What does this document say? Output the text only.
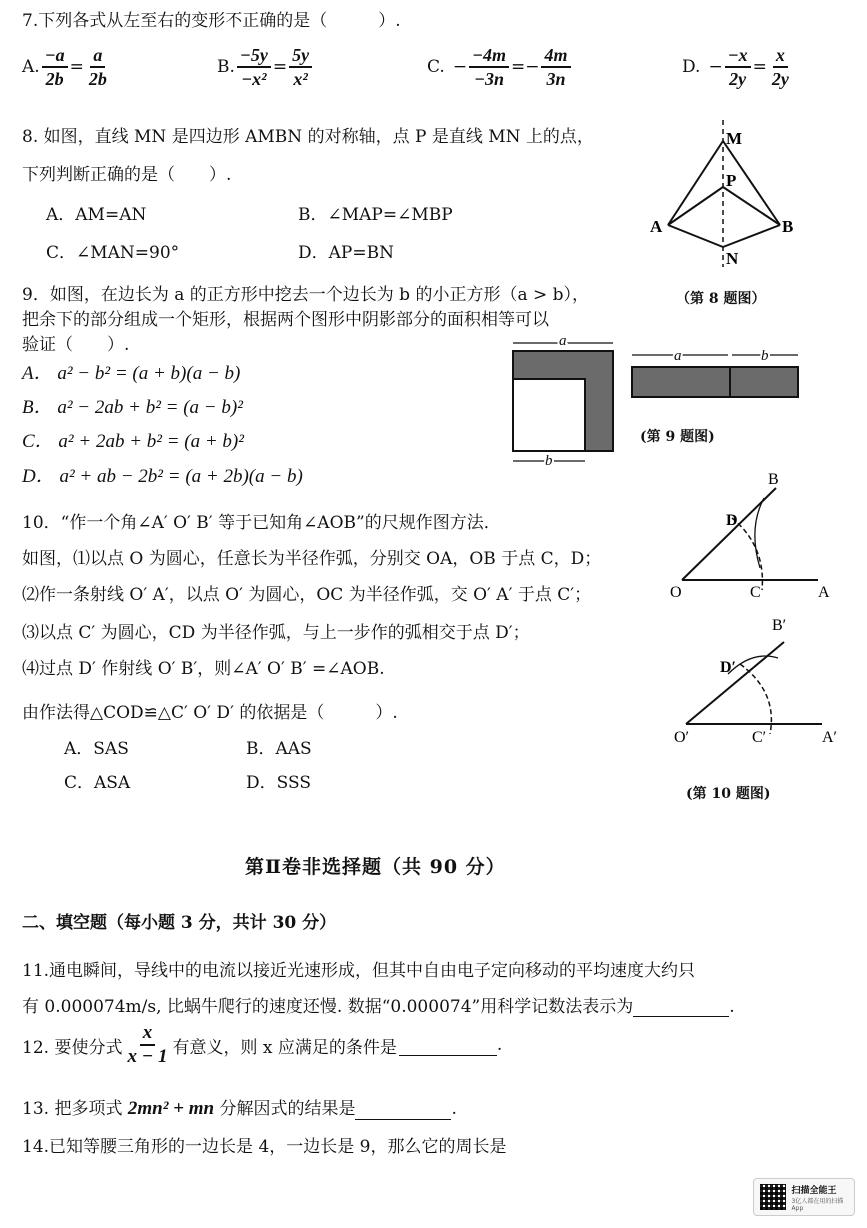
7.下列各式从左至右的变形不正确的是（　　　）.
A. $\frac{-a}{2b} = \frac{a}{2b}$	B. $\frac{-5y}{\text{−x²}} = \frac{5y}{\text{x²}}$	C. − $\frac{-4m}{-3n}$ = − $\frac{4m}{3n}$	D. − $\frac{-x}{2y} = \frac{x}{2y}$
8. 如图，直线 MN 是四边形 AMBN 的对称轴，点 P 是直线 MN 上的点，
下列判断正确的是（　　）.
A．AM=AN	B．∠MAP=∠MBP
C．∠MAN=90°	D．AP=BN
M
P
A	B
N
（第 8 题图）
9．如图，在边长为 a 的正方形中挖去一个边长为 b 的小正方形（a > b），
把余下的部分组成一个矩形，根据两个图形中阴影部分的面积相等可以
验证（　　）.
A． a² − b² = (a + b)(a − b)
B． a² − 2ab + b² = (a − b)²
C． a² + 2ab + b² = (a + b)²
D． a² + ab − 2b² = (a + 2b)(a − b)
a
b
a	b
(第 9 题图)
10．“作一个角∠A′ O′ B′ 等于已知角∠AOB”的尺规作图方法．
如图，⑴以点 O 为圆心，任意长为半径作弧，分别交 OA，OB 于点 C，D；
⑵作一条射线 O′ A′，以点 O′ 为圆心，OC 为半径作弧，交 O′ A′ 于点 C′；
⑶以点 C′ 为圆心，CD 为半径作弧，与上一步作的弧相交于点 D′；
⑷过点 D′ 作射线 O′ B′，则∠A′ O′ B′ =∠AOB.
由作法得△COD≌△C′ O′ D′ 的依据是（　　　）.
A．SAS	B．AAS
C．ASA	D．SSS
B
D
O	C	A
B′
D′
O′	C′	A′
(第 10 题图)
第Ⅱ卷非选择题（共 90 分）
二、填空题（每小题 3 分，共计 30 分）
11.通电瞬间，导线中的电流以接近光速形成，但其中自由电子定向移动的平均速度大约只
有 0.000074m/s, 比蜗牛爬行的速度还慢. 数据“0.000074”用科学记数法表示为	.
12. 要使分式 $\frac{x}{x - 1}$ 有意义，则 x 应满足的条件是	.
13. 把多项式 2mn² + mn 分解因式的结果是	.
14.已知等腰三角形的一边长是 4，一边长是 9，那么它的周长是
扫描全能王
3亿人都在用的扫描App
